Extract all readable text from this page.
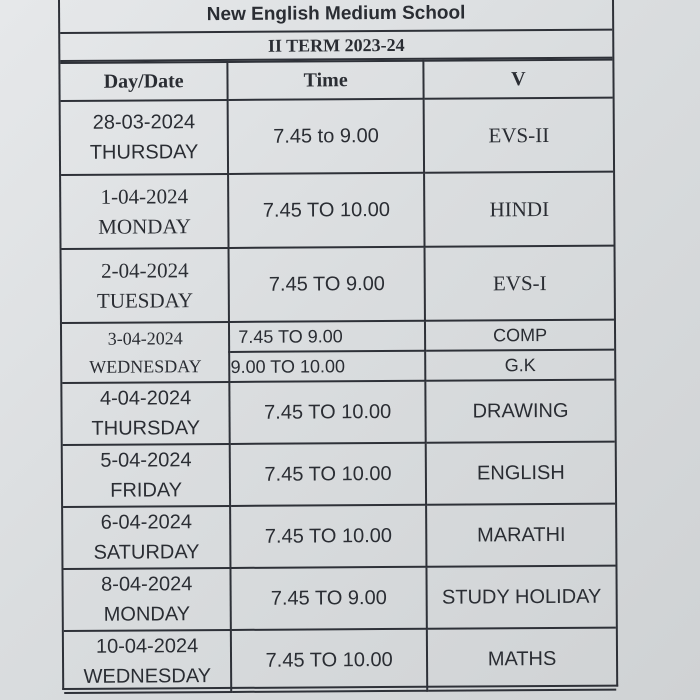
New English Medium School
II TERM 2023-24
Day/Date	Time	V

28-03-2024
THURSDAY	7.45 to 9.00	EVS-II

1-04-2024
MONDAY	7.45 TO 10.00	HINDI

2-04-2024
TUESDAY	7.45 TO 9.00	EVS-I

3-04-2024
WEDNESDAY	7.45 TO 9.00	COMP
	9.00 TO 10.00	G.K

4-04-2024
THURSDAY	7.45 TO 10.00	DRAWING

5-04-2024
FRIDAY	7.45 TO 10.00	ENGLISH

6-04-2024
SATURDAY	7.45 TO 10.00	MARATHI

8-04-2024
MONDAY	7.45 TO 9.00	STUDY HOLIDAY

10-04-2024
WEDNESDAY	7.45 TO 10.00	MATHS
